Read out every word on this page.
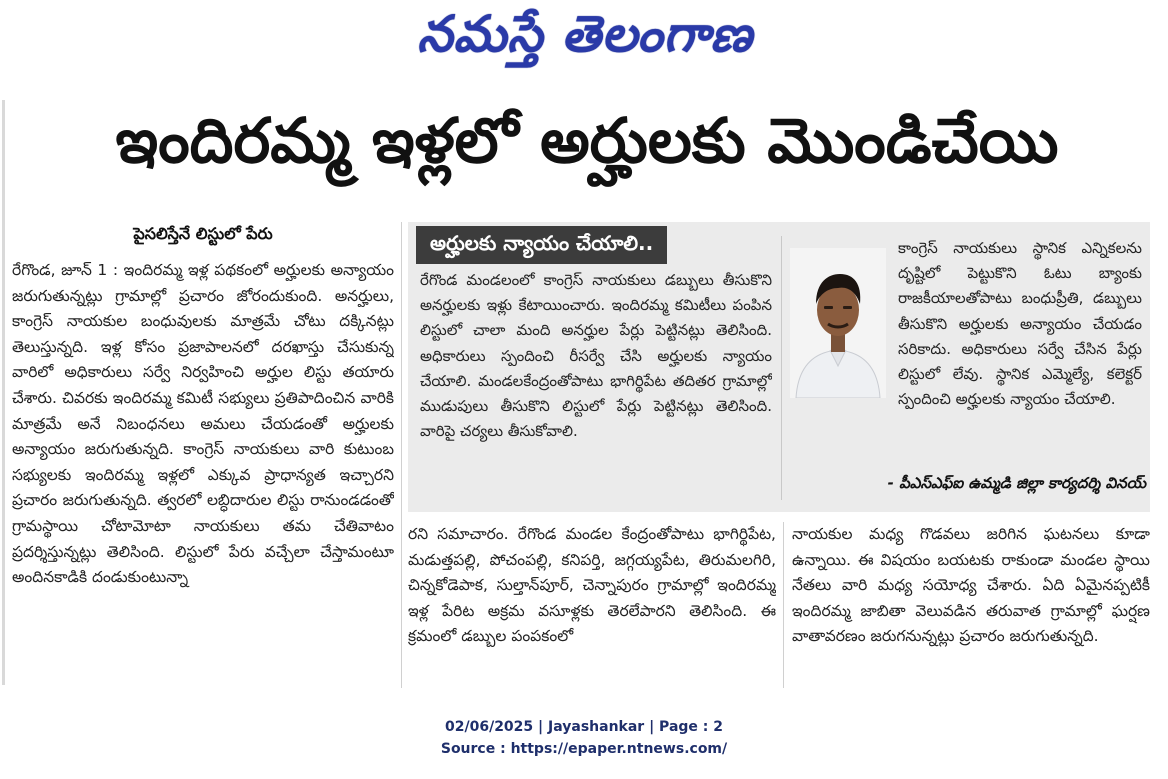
నమస్తే తెలంగాణ
ఇందిరమ్మ ఇళ్లలో అర్హులకు మొండిచేయి
పైసలిస్తేనే లిస్టులో పేరు

రేగొండ, జూన్ 1 : ఇందిరమ్మ ఇళ్ల పథకంలో అర్హులకు అన్యాయం జరుగుతున్నట్లు గ్రామాల్లో ప్రచారం జోరందుకుంది. అనర్హులు, కాంగ్రెస్ నాయకుల బంధువులకు మాత్రమే చోటు దక్కినట్లు తెలుస్తున్నది. ఇళ్ల కోసం ప్రజాపాలనలో దరఖాస్తు చేసుకున్న వారిలో అధికారులు సర్వే నిర్వహించి అర్హుల లిస్టు తయారు చేశారు. చివరకు ఇందిరమ్మ కమిటీ సభ్యులు ప్రతిపాదించిన వారికి మాత్రమే అనే నిబంధనలు అమలు చేయడంతో అర్హులకు అన్యాయం జరుగుతున్నది. కాంగ్రెస్ నాయకులు వారి కుటుంబ సభ్యులకు ఇందిరమ్మ ఇళ్లలో ఎక్కువ ప్రాధాన్యత ఇచ్చారని ప్రచారం జరుగుతున్నది. త్వరలో లబ్ధిదారుల లిస్టు రానుండడంతో గ్రామస్థాయి చోటామోటా నాయకులు తమ చేతివాటం ప్రదర్శిస్తున్నట్లు తెలిసింది. లిస్టులో పేరు వచ్చేలా చేస్తామంటూ అందినకాడికి దండుకుంటున్నా

అర్హులకు న్యాయం చేయాలి..

రేగొండ మండలంలో కాంగ్రెస్ నాయకులు డబ్బులు తీసుకొని అనర్హులకు ఇళ్లు కేటాయించారు. ఇందిరమ్మ కమిటీలు పంపిన లిస్టులో చాలా మంది అనర్హుల పేర్లు పెట్టినట్లు తెలిసింది. అధికారులు స్పందించి రీసర్వే చేసి అర్హులకు న్యాయం చేయాలి. మండలకేంద్రంతోపాటు భాగిర్థిపేట తదితర గ్రామాల్లో ముడుపులు తీసుకొని లిస్టులో పేర్లు పెట్టినట్లు తెలిసింది. వారిపై చర్యలు తీసుకోవాలి.

కాంగ్రెస్ నాయకులు స్థానిక ఎన్నికలను దృష్టిలో పెట్టుకొని ఓటు బ్యాంకు రాజకీయాలతోపాటు బంధుప్రీతి, డబ్బులు తీసుకొని అర్హులకు అన్యాయం చేయడం సరికాదు. అధికారులు సర్వే చేసిన పేర్లు లిస్టులో లేవు. స్థానిక ఎమ్మెల్యే, కలెక్టర్ స్పందించి అర్హులకు న్యాయం చేయాలి.

- పీఎస్ఎఫ్ఐ ఉమ్మడి జిల్లా కార్యదర్శి వినయ్

రని సమాచారం. రేగొండ మండల కేంద్రంతోపాటు భాగిర్థిపేట, మడుత్తపల్లి, పోచంపల్లి, కనిపర్తి, జగ్గయ్యపేట, తిరుమలగిరి, చిన్నకోడెపాక, సుల్తాన్‌పూర్, చెన్నాపురం గ్రామాల్లో ఇందిరమ్మ ఇళ్ల పేరిట అక్రమ వసూళ్లకు తెరలేపారని తెలిసింది. ఈ క్రమంలో డబ్బుల పంపకంలో

నాయకుల మధ్య గొడవలు జరిగిన ఘటనలు కూడా ఉన్నాయి. ఈ విషయం బయటకు రాకుండా మండల స్థాయి నేతలు వారి మధ్య సయోధ్య చేశారు. ఏది ఏమైనప్పటికీ ఇందిరమ్మ జాబితా వెలువడిన తరువాత గ్రామాల్లో ఘర్షణ వాతావరణం జరుగనున్నట్లు ప్రచారం జరుగుతున్నది.

02/06/2025 | Jayashankar | Page : 2
Source : https://epaper.ntnews.com/
